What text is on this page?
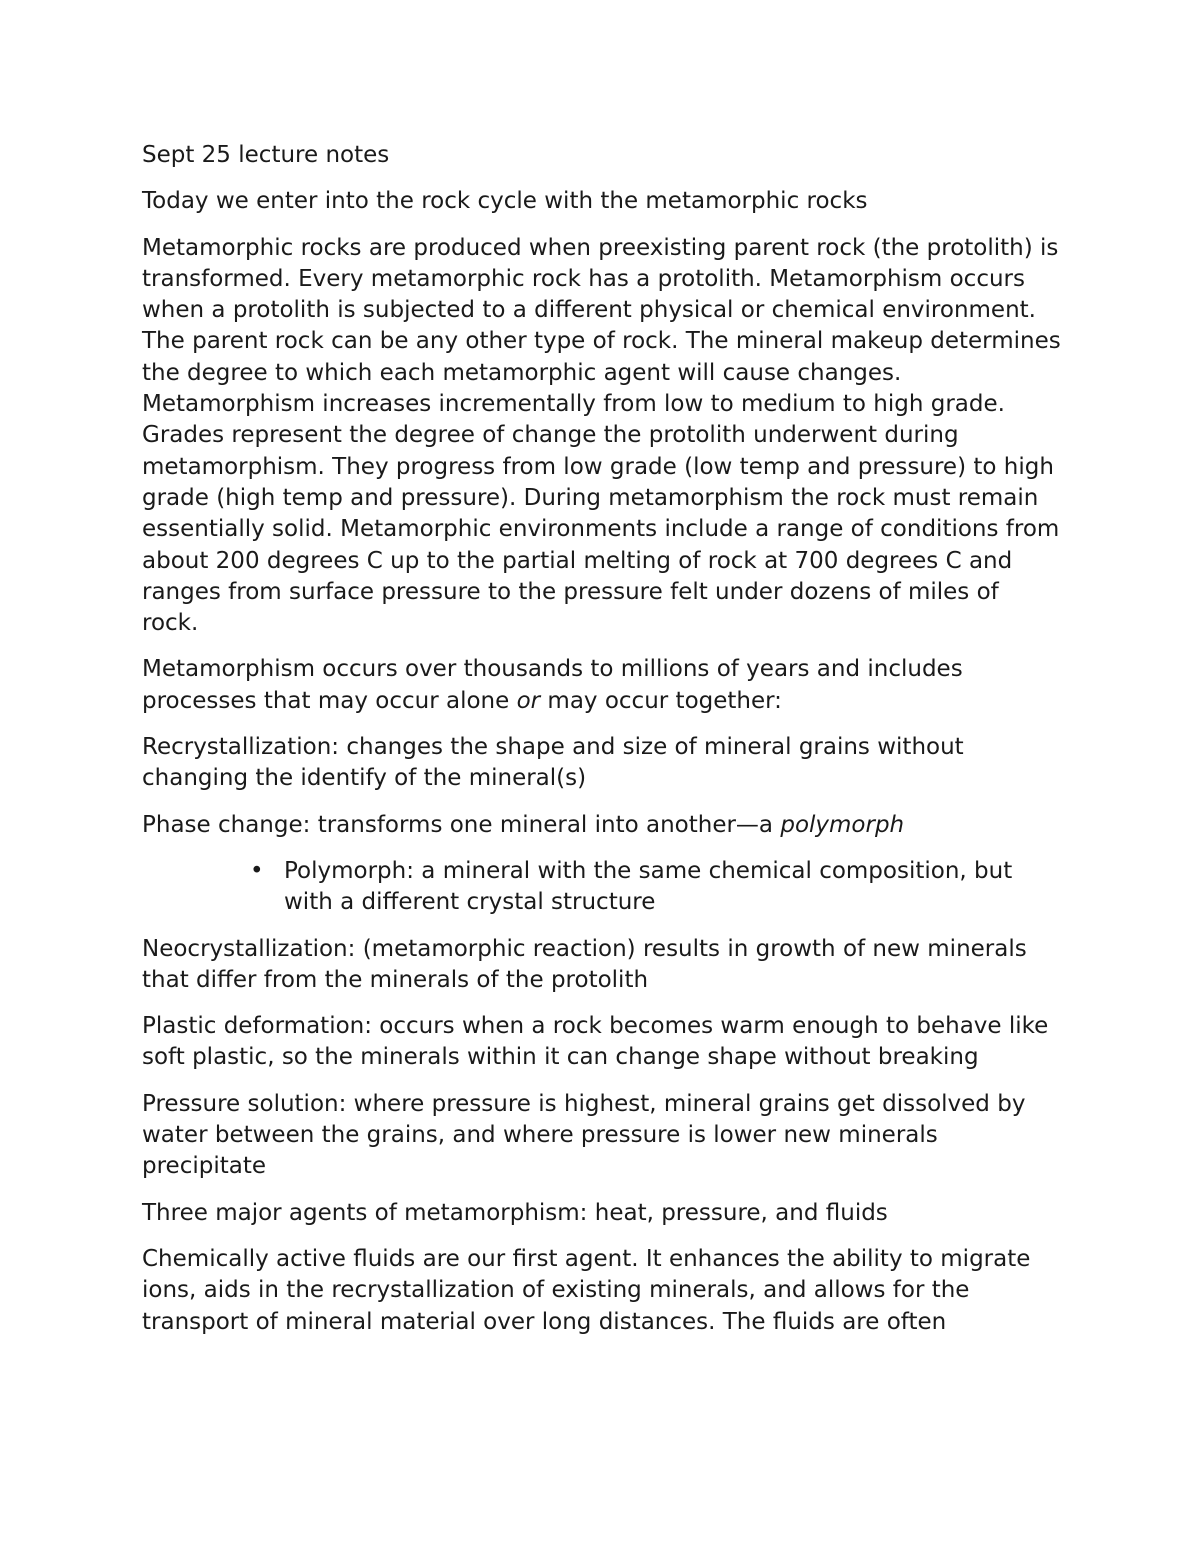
Sept 25 lecture notes

Today we enter into the rock cycle with the metamorphic rocks

Metamorphic rocks are produced when preexisting parent rock (the protolith) is transformed. Every metamorphic rock has a protolith. Metamorphism occurs when a protolith is subjected to a different physical or chemical environment. The parent rock can be any other type of rock. The mineral makeup determines the degree to which each metamorphic agent will cause changes. Metamorphism increases incrementally from low to medium to high grade. Grades represent the degree of change the protolith underwent during metamorphism. They progress from low grade (low temp and pressure) to high grade (high temp and pressure). During metamorphism the rock must remain essentially solid. Metamorphic environments include a range of conditions from about 200 degrees C up to the partial melting of rock at 700 degrees C and ranges from surface pressure to the pressure felt under dozens of miles of rock.

Metamorphism occurs over thousands to millions of years and includes processes that may occur alone or may occur together:

Recrystallization: changes the shape and size of mineral grains without changing the identify of the mineral(s)

Phase change: transforms one mineral into another—a polymorph

• Polymorph: a mineral with the same chemical composition, but with a different crystal structure

Neocrystallization: (metamorphic reaction) results in growth of new minerals that differ from the minerals of the protolith

Plastic deformation: occurs when a rock becomes warm enough to behave like soft plastic, so the minerals within it can change shape without breaking

Pressure solution: where pressure is highest, mineral grains get dissolved by water between the grains, and where pressure is lower new minerals precipitate

Three major agents of metamorphism: heat, pressure, and fluids

Chemically active fluids are our first agent. It enhances the ability to migrate ions, aids in the recrystallization of existing minerals, and allows for the transport of mineral material over long distances. The fluids are often
